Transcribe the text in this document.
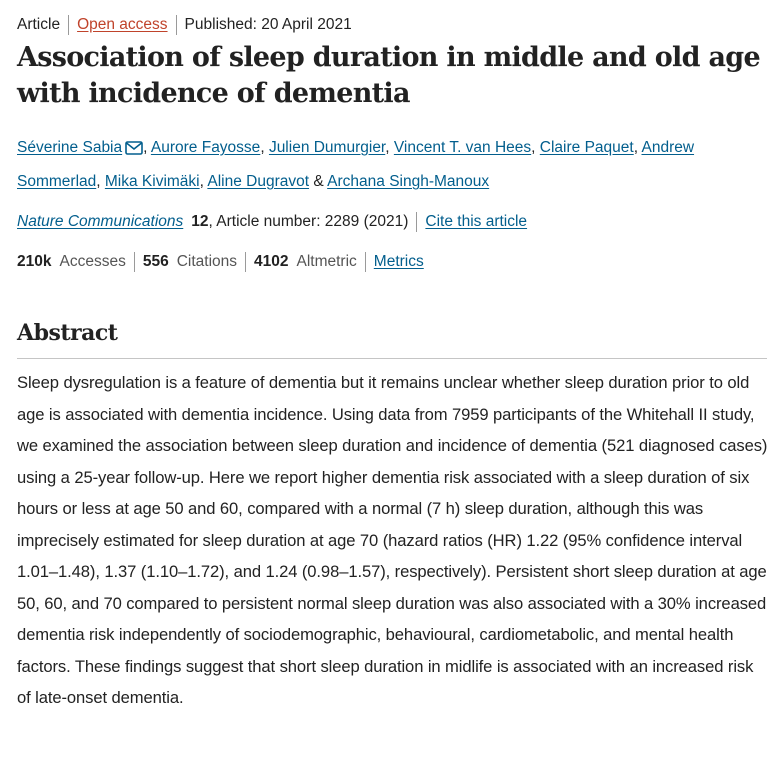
Article Open access Published: 20 April 2021
Association of sleep duration in middle and old age with incidence of dementia
Séverine Sabia , Aurore Fayosse, Julien Dumurgier, Vincent T. van Hees, Claire Paquet, Andrew Sommerlad, Mika Kivimäki, Aline Dugravot & Archana Singh-Manoux
Nature Communications 12 , Article number: 2289 (2021) Cite this article
210k Accesses 556 Citations 4102 Altmetric Metrics
Abstract

Sleep dysregulation is a feature of dementia but it remains unclear whether sleep duration prior to old age is associated with dementia incidence. Using data from 7959 participants of the Whitehall II study, we examined the association between sleep duration and incidence of dementia (521 diagnosed cases) using a 25-year follow-up. Here we report higher dementia risk associated with a sleep duration of six hours or less at age 50 and 60, compared with a normal (7 h) sleep duration, although this was imprecisely estimated for sleep duration at age 70 (hazard ratios (HR) 1.22 (95% confidence interval 1.01–1.48), 1.37 (1.10–1.72), and 1.24 (0.98–1.57), respectively). Persistent short sleep duration at age 50, 60, and 70 compared to persistent normal sleep duration was also associated with a 30% increased dementia risk independently of sociodemographic, behavioural, cardiometabolic, and mental health factors. These findings suggest that short sleep duration in midlife is associated with an increased risk of late-onset dementia.
